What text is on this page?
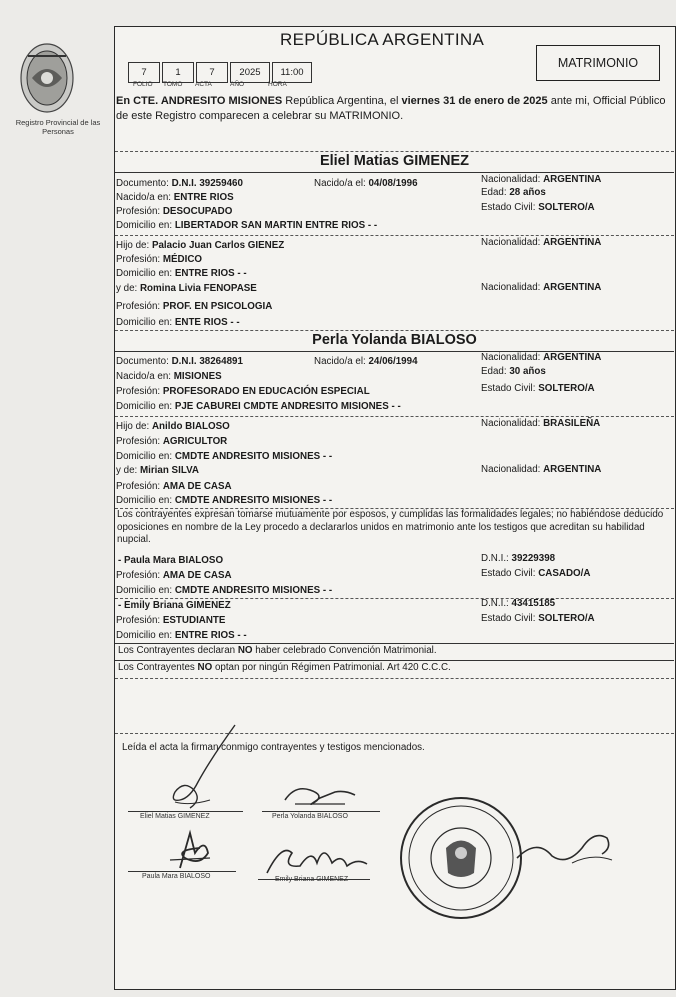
Registro Provincial de las Personas
REPÚBLICA ARGENTINA
MATRIMONIO
7	1	7	2025	11:00
FOLIO TOMO ACTA	AÑO	HORA
En CTE. ANDRESITO MISIONES República Argentina, el viernes 31 de enero de 2025 ante mi, Official Público de este Registro comparecen a celebrar su MATRIMONIO.
Eliel Matias GIMENEZ
Documento: D.N.I. 39259460	Nacido/a el: 04/08/1996	Nacionalidad: ARGENTINA
Nacido/a en: ENTRE RIOS	Edad: 28 años
Profesión: DESOCUPADO	Estado Civil: SOLTERO/A
Domicilio en: LIBERTADOR SAN MARTIN ENTRE RIOS - -
Hijo de: Palacio Juan Carlos GIENEZ	Nacionalidad: ARGENTINA
Profesión: MÉDICO
Domicilio en: ENTRE RIOS - -
y de: Romina Livia FENOPASE	Nacionalidad: ARGENTINA
Profesión: PROF. EN PSICOLOGIA
Domicilio en: ENTE RIOS - -
Perla Yolanda BIALOSO
Documento: D.N.I. 38264891	Nacido/a el: 24/06/1994	Nacionalidad: ARGENTINA
Nacido/a en: MISIONES	Edad: 30 años
Profesión: PROFESORADO EN EDUCACIÓN ESPECIAL	Estado Civil: SOLTERO/A
Domicilio en: PJE CABUREI CMDTE ANDRESITO MISIONES - -
Hijo de: Anildo BIALOSO	Nacionalidad: BRASILEÑA
Profesión: AGRICULTOR
Domicilio en: CMDTE ANDRESITO MISIONES - -
y de: Mirian SILVA	Nacionalidad: ARGENTINA
Profesión: AMA DE CASA
Domicilio en: CMDTE ANDRESITO MISIONES - -
Los contrayentes expresan tomarse mutuamente por esposos, y cumplidas las formalidades legales; no habiéndose deducido oposiciones en nombre de la Ley procedo a declararlos unidos en matrimonio ante los testigos que acreditan su habilidad nupcial.
- Paula Mara BIALOSO	D.N.I.: 39229398
Profesión: AMA DE CASA	Estado Civil: CASADO/A
Domicilio en: CMDTE ANDRESITO MISIONES - -
- Emily Briana GIMENEZ	D.N.I.: 43415185
Profesión: ESTUDIANTE	Estado Civil: SOLTERO/A
Domicilio en: ENTRE RIOS - -
Los Contrayentes declaran NO haber celebrado Convención Matrimonial.
Los Contrayentes NO optan por ningún Régimen Patrimonial. Art 420 C.C.C.
Leída el acta la firman conmigo contrayentes y testigos mencionados.
Eliel Matias GIMENEZ	Perla Yolanda BIALOSO
Paula Mara BIALOSO	Emily Briana GIMENEZ
